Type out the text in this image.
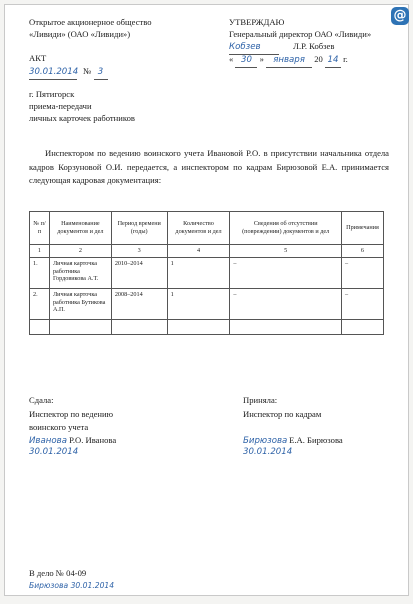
@
Открытое акционерное общество
«Ливиди» (ОАО «Ливиди»)
УТВЕРЖДАЮ
Генеральный директор ОАО «Ливиди»
Кобзев	Л.Р. Кобзев
« 30 » января 20 14 г.
АКТ
30.01.2014 № 3
г. Пятигорск
приема-передачи
личных карточек работников
Инспектором по ведению воинского учета Ивановой Р.О. в присутствии начальника отдела кадров Корзуновой О.И. передается, а инспектором по кадрам Бирюзовой Е.А. принимается следующая кадровая документация:
№ п/п	Наименование документов и дел	Период времени (годы)	Количество документов и дел	Сведения об отсутствии (повреждении) документов и дел	Примечания
1	2	3	4	5	6
1.	Личная карточка работника Гордовикова А.Т.	2010–2014	1	–	–
2.	Личная карточка работника Бутикова А.П.	2008–2014	1	–	–

Сдала:
Инспектор по ведению
воинского учета
Иванова Р.О. Иванова
30.01.2014
Приняла:
Инспектор по кадрам
Бирюзова Е.А. Бирюзова
30.01.2014
В дело № 04-09
Бирюзова 30.01.2014
